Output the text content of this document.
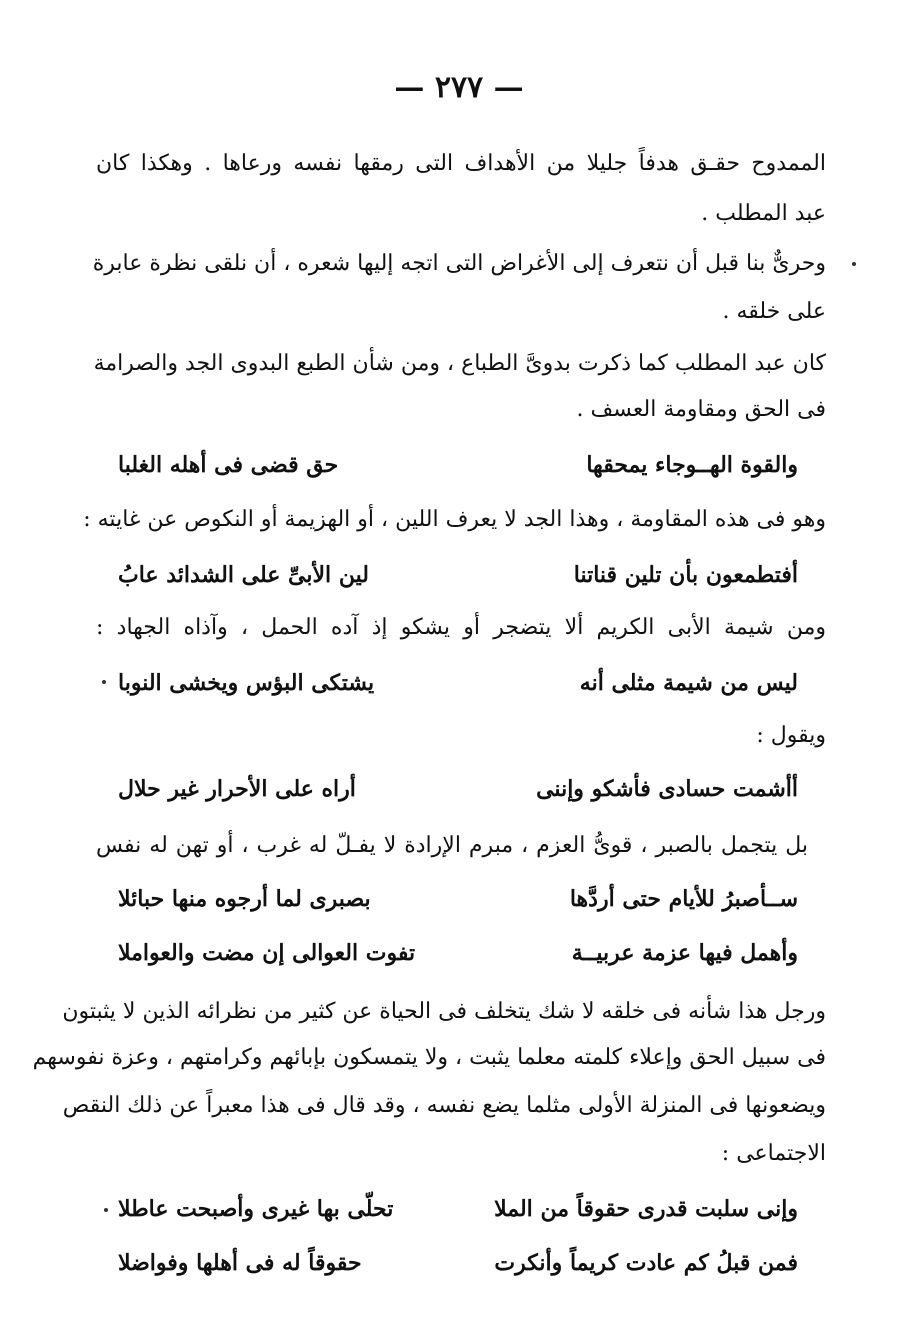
— ٢٧٧ —
الممدوح حقـق هدفاً جليلا من الأهداف التى رمقها نفسه ورعاها . وهكذا كان
عبد المطلب .
وحرىٌّ بنا قبل أن نتعرف إلى الأغراض التى اتجه إليها شعره ، أن نلقى نظرة عابرة
على خلقه .
كان عبد المطلب كما ذكرت بدوىَّ الطباع ، ومن شأن الطبع البدوى الجد والصرامة
فى الحق ومقاومة العسف .
والقوة الهــوجاء يمحقها
حق قضى فى أهله الغلبا
وهو فى هذه المقاومة ، وهذا الجد لا يعرف اللين ، أو الهزيمة أو النكوص عن غايته :
أفتطمعون بأن تلين قناتنا
لين الأبىِّ على الشدائد عابُ
ومن شيمة الأبى الكريم ألا يتضجر أو يشكو إذ آده الحمل ، وآذاه الجهاد :
ليس من شيمة مثلى أنه
يشتكى البؤس ويخشى النوبا
ويقول :
أأشمت حسادى فأشكو وإننى
أراه على الأحرار غير حلال
بل يتجمل بالصبر ، قوىُّ العزم ، مبرم الإرادة لا يفـلّ له غرب ، أو تهن له نفس
ســأصبرُ للأيام حتى أردَّها
بصبرى لما أرجوه منها حبائلا
وأهمل فيها عزمة عربيــة
تفوت العوالى إن مضت والعواملا
ورجل هذا شأنه فى خلقه لا شك يتخلف فى الحياة عن كثير من نظرائه الذين لا يثبتون
فى سبيل الحق وإعلاء كلمته معلما يثبت ، ولا يتمسكون بإبائهم وكرامتهم ، وعزة نفوسهم
ويضعونها فى المنزلة الأولى مثلما يضع نفسه ، وقد قال فى هذا معبراً عن ذلك النقص
الاجتماعى :
وإنى سلبت قدرى حقوقاً من الملا
تحلّى بها غيرى وأصبحت عاطلا
فمن قبلُ كم عادت كريماً وأنكرت
حقوقاً له فى أهلها وفواضلا
